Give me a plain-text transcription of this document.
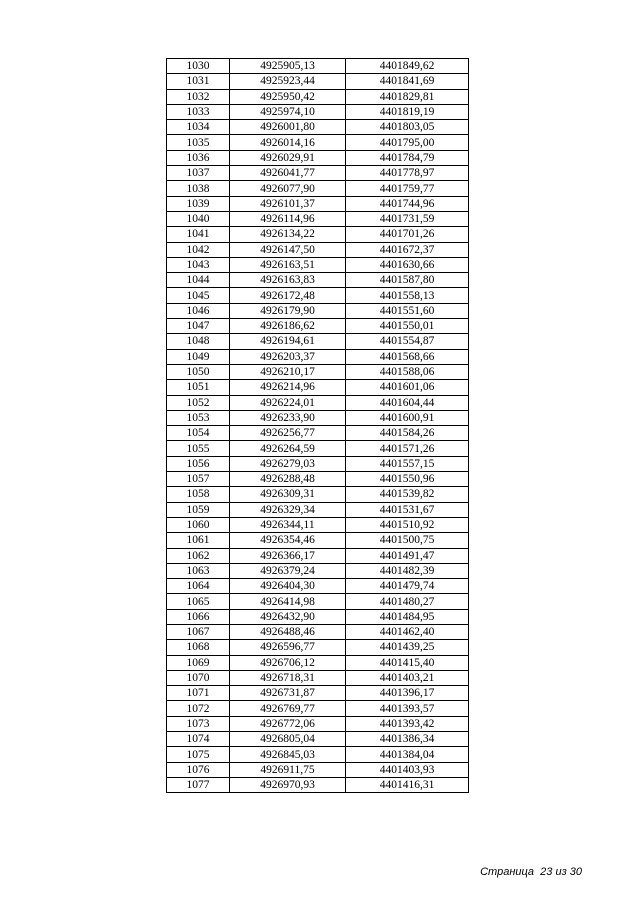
1030	4925905,13	4401849,62
1031	4925923,44	4401841,69
1032	4925950,42	4401829,81
1033	4925974,10	4401819,19
1034	4926001,80	4401803,05
1035	4926014,16	4401795,00
1036	4926029,91	4401784,79
1037	4926041,77	4401778,97
1038	4926077,90	4401759,77
1039	4926101,37	4401744,96
1040	4926114,96	4401731,59
1041	4926134,22	4401701,26
1042	4926147,50	4401672,37
1043	4926163,51	4401630,66
1044	4926163,83	4401587,80
1045	4926172,48	4401558,13
1046	4926179,90	4401551,60
1047	4926186,62	4401550,01
1048	4926194,61	4401554,87
1049	4926203,37	4401568,66
1050	4926210,17	4401588,06
1051	4926214,96	4401601,06
1052	4926224,01	4401604,44
1053	4926233,90	4401600,91
1054	4926256,77	4401584,26
1055	4926264,59	4401571,26
1056	4926279,03	4401557,15
1057	4926288,48	4401550,96
1058	4926309,31	4401539,82
1059	4926329,34	4401531,67
1060	4926344,11	4401510,92
1061	4926354,46	4401500,75
1062	4926366,17	4401491,47
1063	4926379,24	4401482,39
1064	4926404,30	4401479,74
1065	4926414,98	4401480,27
1066	4926432,90	4401484,95
1067	4926488,46	4401462,40
1068	4926596,77	4401439,25
1069	4926706,12	4401415,40
1070	4926718,31	4401403,21
1071	4926731,87	4401396,17
1072	4926769,77	4401393,57
1073	4926772,06	4401393,42
1074	4926805,04	4401386,34
1075	4926845,03	4401384,04
1076	4926911,75	4401403,93
1077	4926970,93	4401416,31
Страница 23 из 30
